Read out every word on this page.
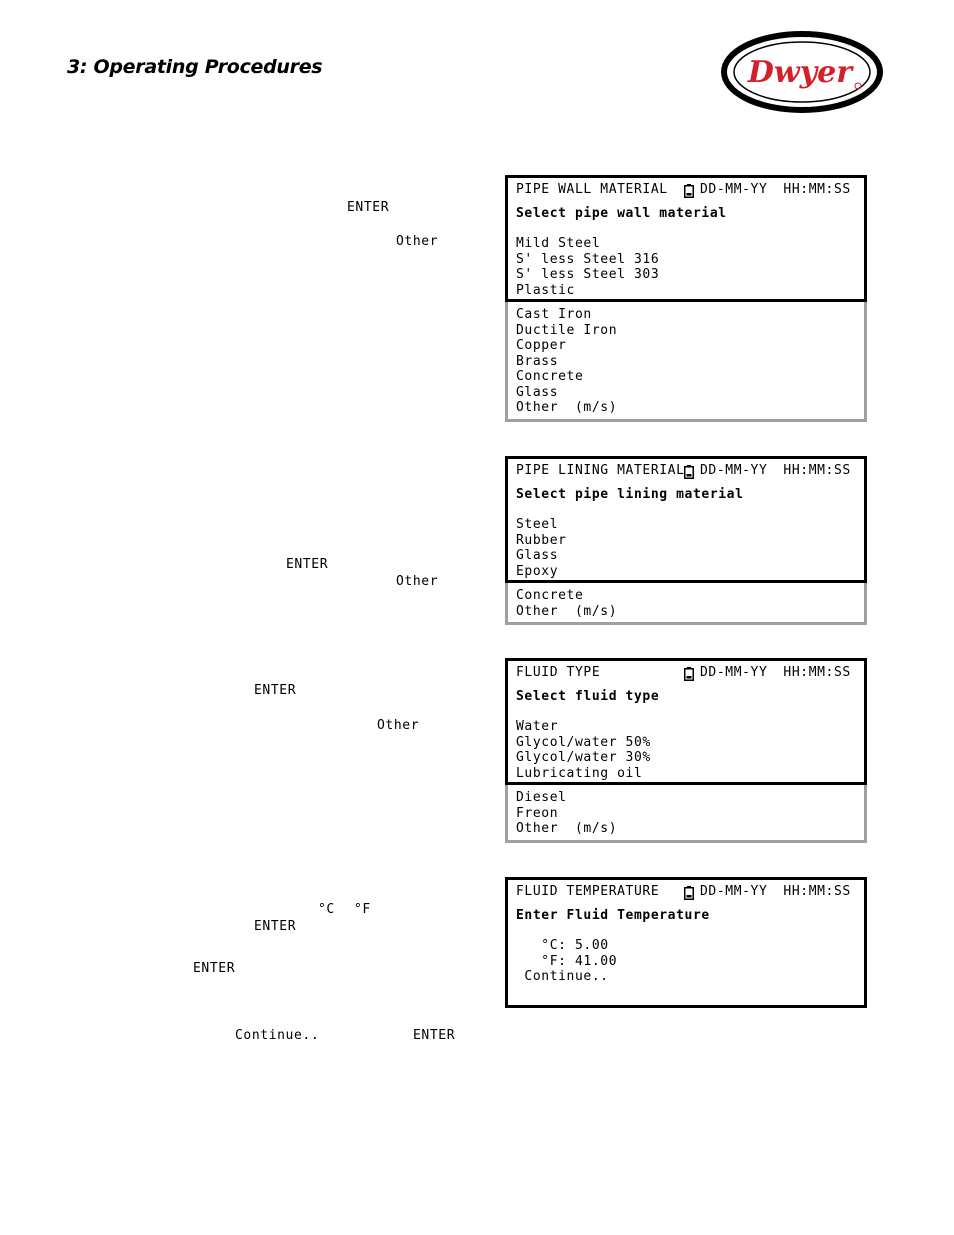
3: Operating Procedures	Dwyer
ENTER
Other
ENTER
Other
ENTER
Other
°C °F
ENTER
ENTER
Continue..	ENTER
PIPE WALL MATERIAL	DD-MM-YY HH:MM:SS
Select pipe wall material
Mild Steel
S' less Steel 316
S' less Steel 303
Plastic
Cast Iron
Ductile Iron
Copper
Brass
Concrete
Glass
Other  (m/s)
PIPE LINING MATERIAL DD-MM-YY HH:MM:SS
Select pipe lining material
Steel
Rubber
Glass
Epoxy
Concrete
Other  (m/s)
FLUID TYPE	DD-MM-YY HH:MM:SS
Select fluid type
Water
Glycol/water 50%
Glycol/water 30%
Lubricating oil
Diesel
Freon
Other  (m/s)
FLUID TEMPERATURE	DD-MM-YY HH:MM:SS
Enter Fluid Temperature
°C: 5.00
°F: 41.00
Continue..
